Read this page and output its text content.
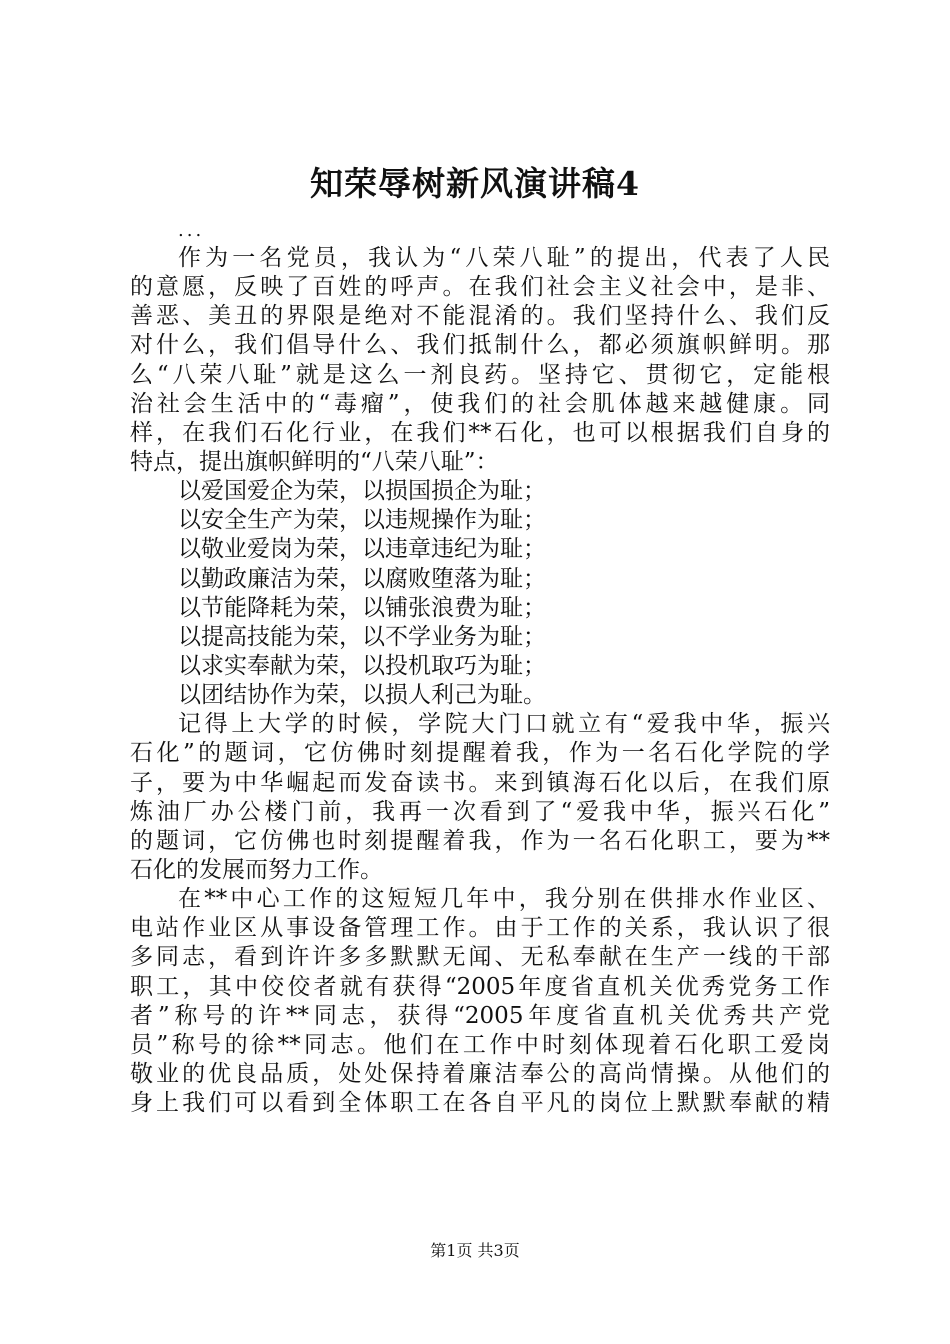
知荣辱树新风演讲稿4
...
作为一名党员，我认为“八荣八耻”的提出，代表了人民
的意愿，反映了百姓的呼声。在我们社会主义社会中，是非、
善恶、美丑的界限是绝对不能混淆的。我们坚持什么、我们反
对什么，我们倡导什么、我们抵制什么，都必须旗帜鲜明。那
么“八荣八耻”就是这么一剂良药。坚持它、贯彻它，定能根
治社会生活中的“毒瘤”，使我们的社会肌体越来越健康。同
样，在我们石化行业，在我们**石化，也可以根据我们自身的
特点，提出旗帜鲜明的“八荣八耻”：
以爱国爱企为荣，以损国损企为耻；
以安全生产为荣，以违规操作为耻；
以敬业爱岗为荣，以违章违纪为耻；
以勤政廉洁为荣，以腐败堕落为耻；
以节能降耗为荣，以铺张浪费为耻；
以提高技能为荣，以不学业务为耻；
以求实奉献为荣，以投机取巧为耻；
以团结协作为荣，以损人利己为耻。
记得上大学的时候，学院大门口就立有“爱我中华，振兴
石化”的题词，它仿佛时刻提醒着我，作为一名石化学院的学
子，要为中华崛起而发奋读书。来到镇海石化以后，在我们原
炼油厂办公楼门前，我再一次看到了“爱我中华，振兴石化”
的题词，它仿佛也时刻提醒着我，作为一名石化职工，要为**
石化的发展而努力工作。
在**中心工作的这短短几年中，我分别在供排水作业区、
电站作业区从事设备管理工作。由于工作的关系，我认识了很
多同志，看到许许多多默默无闻、无私奉献在生产一线的干部
职工，其中佼佼者就有获得“2005年度省直机关优秀党务工作
者”称号的许**同志，获得“2005年度省直机关优秀共产党
员”称号的徐**同志。他们在工作中时刻体现着石化职工爱岗
敬业的优良品质，处处保持着廉洁奉公的高尚情操。从他们的
身上我们可以看到全体职工在各自平凡的岗位上默默奉献的精
第1页 共3页
